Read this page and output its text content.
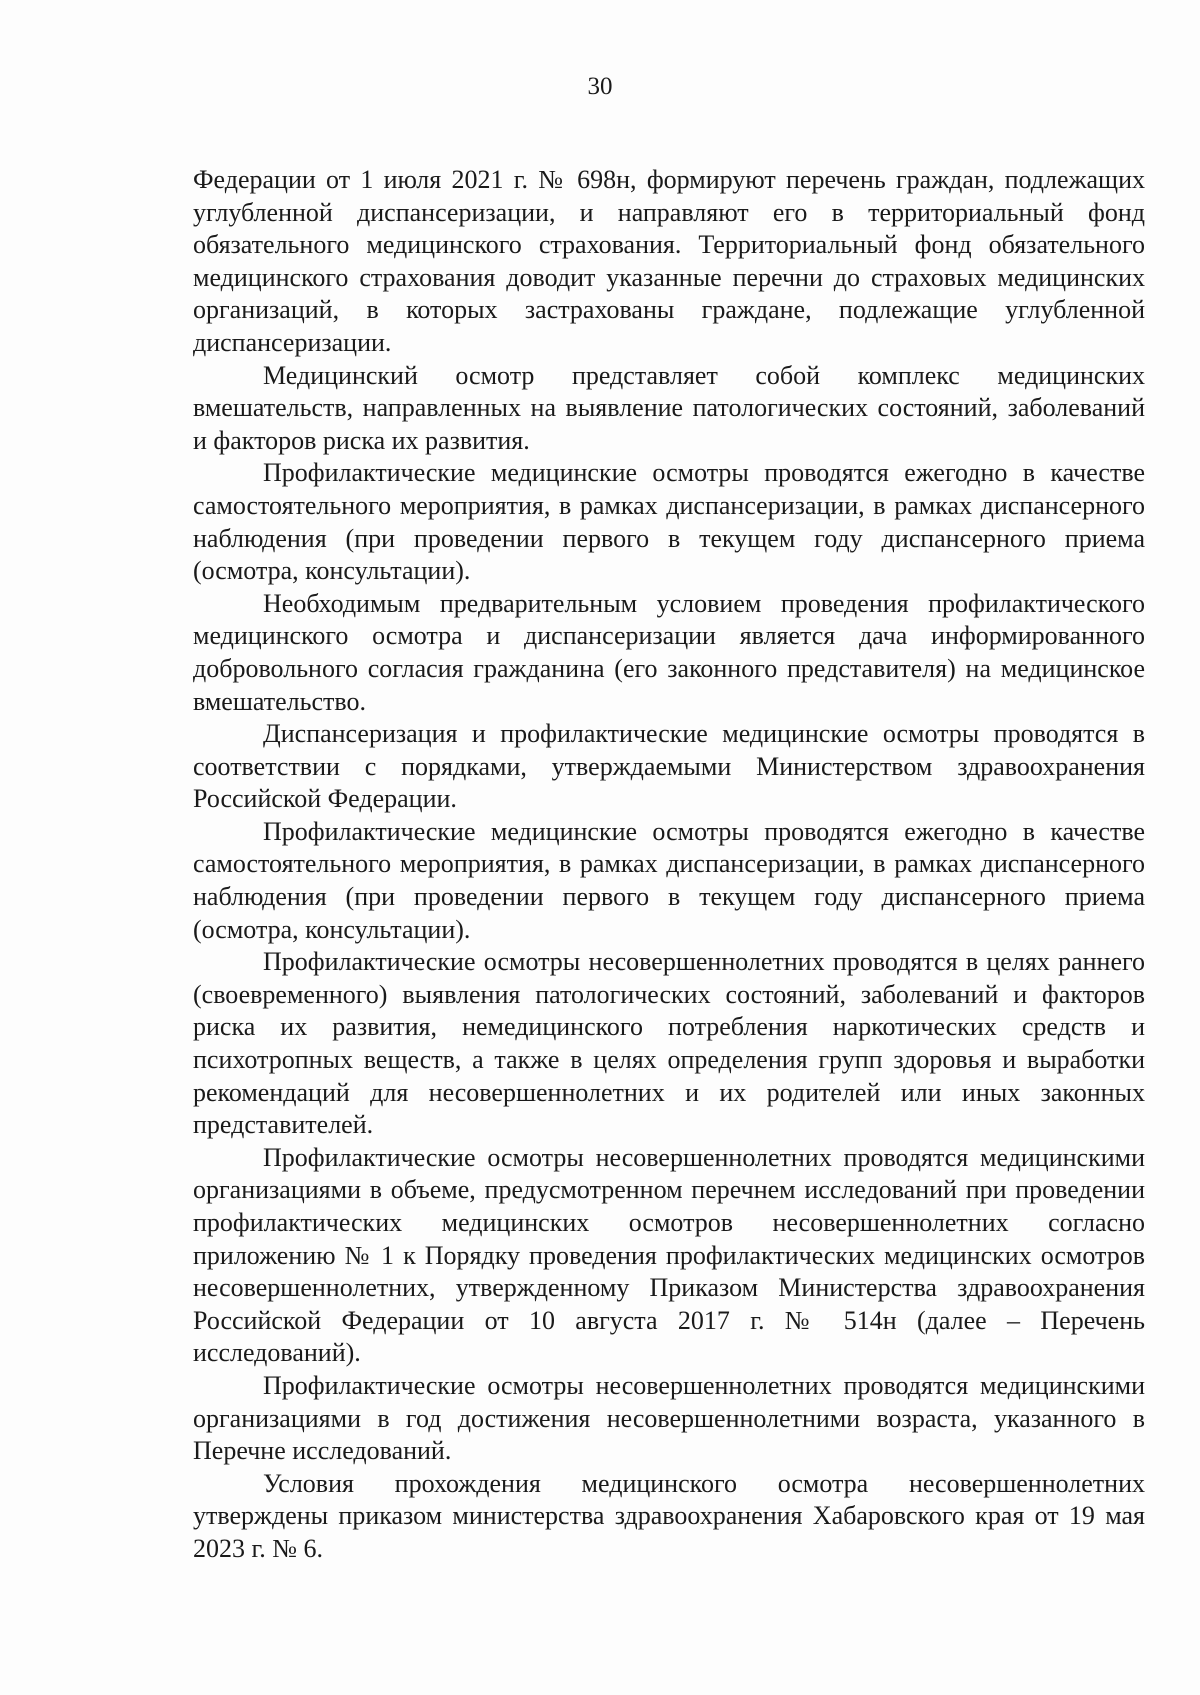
30

Федерации от 1 июля 2021 г. № 698н, формируют перечень граждан, подлежащих углубленной диспансеризации, и направляют его в территориальный фонд обязательного медицинского страхования. Территориальный фонд обязательного медицинского страхования доводит указанные перечни до страховых медицинских организаций, в которых застрахованы граждане, подлежащие углубленной диспансеризации.

Медицинский осмотр представляет собой комплекс медицинских вмешательств, направленных на выявление патологических состояний, заболеваний и факторов риска их развития.

Профилактические медицинские осмотры проводятся ежегодно в качестве самостоятельного мероприятия, в рамках диспансеризации, в рамках диспансерного наблюдения (при проведении первого в текущем году диспансерного приема (осмотра, консультации).

Необходимым предварительным условием проведения профилактического медицинского осмотра и диспансеризации является дача информированного добровольного согласия гражданина (его законного представителя) на медицинское вмешательство.

Диспансеризация и профилактические медицинские осмотры проводятся в соответствии с порядками, утверждаемыми Министерством здравоохранения Российской Федерации.

Профилактические медицинские осмотры проводятся ежегодно в качестве самостоятельного мероприятия, в рамках диспансеризации, в рамках диспансерного наблюдения (при проведении первого в текущем году диспансерного приема (осмотра, консультации).

Профилактические осмотры несовершеннолетних проводятся в целях раннего (своевременного) выявления патологических состояний, заболеваний и факторов риска их развития, немедицинского потребления наркотических средств и психотропных веществ, а также в целях определения групп здоровья и выработки рекомендаций для несовершеннолетних и их родителей или иных законных представителей.

Профилактические осмотры несовершеннолетних проводятся медицинскими организациями в объеме, предусмотренном перечнем исследований при проведении профилактических медицинских осмотров несовершеннолетних согласно приложению № 1 к Порядку проведения профилактических медицинских осмотров несовершеннолетних, утвержденному Приказом Министерства здравоохранения Российской Федерации от 10 августа 2017 г. № 514н (далее – Перечень исследований).

Профилактические осмотры несовершеннолетних проводятся медицинскими организациями в год достижения несовершеннолетними возраста, указанного в Перечне исследований.

Условия прохождения медицинского осмотра несовершеннолетних утверждены приказом министерства здравоохранения Хабаровского края от 19 мая 2023 г. № 6.
